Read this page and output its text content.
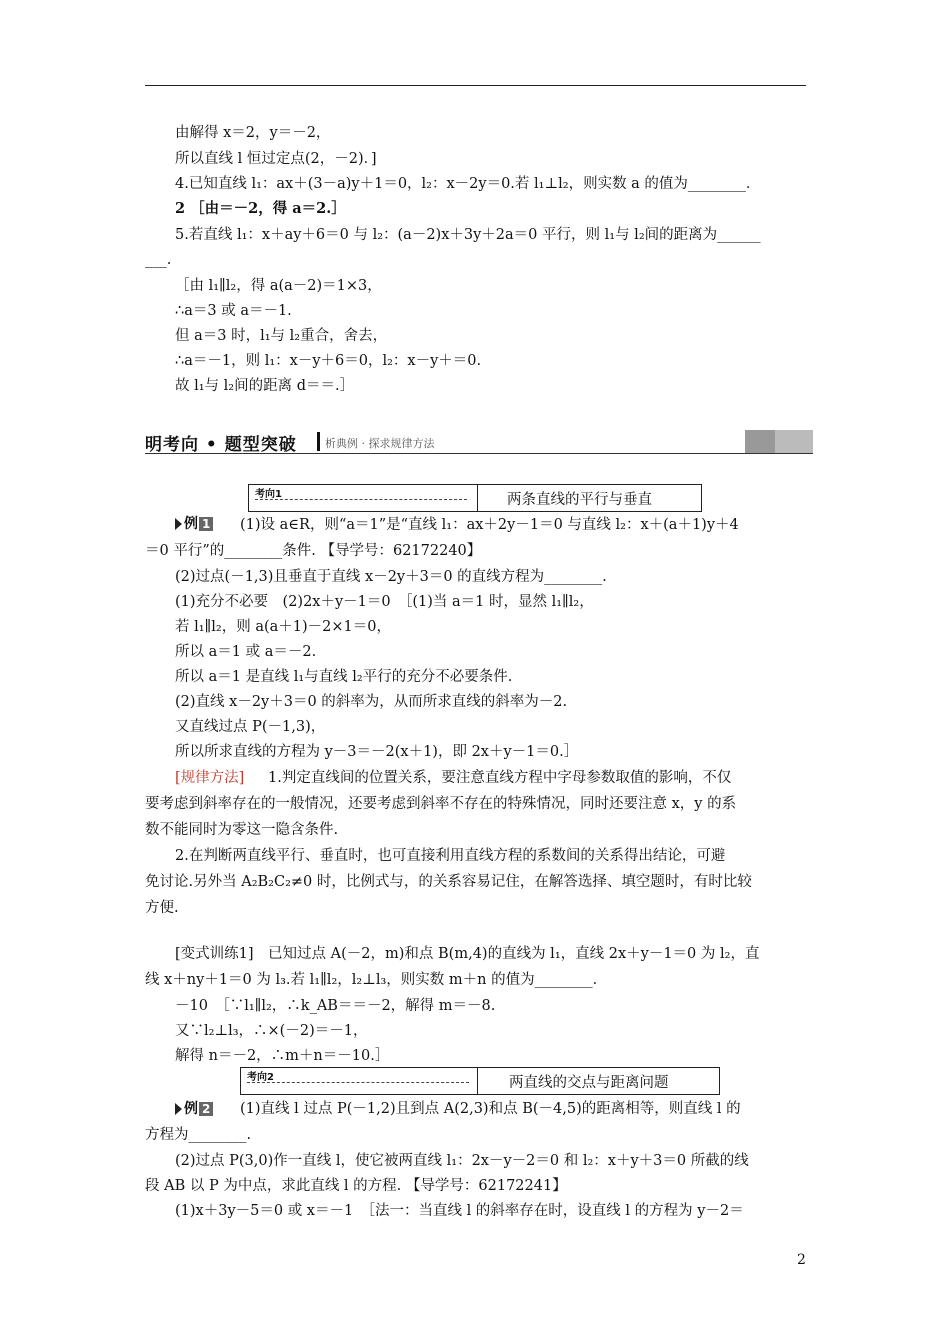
由解得 x＝2，y＝－2，
所以直线 l 恒过定点(2，－2)．]
4.已知直线 l₁：ax＋(3－a)y＋1＝0，l₂：x－2y＝0.若 l₁⊥l₂，则实数 a 的值为________．
2 ［由＝－2，得 a＝2.］
5.若直线 l₁：x＋ay＋6＝0 与 l₂：(a－2)x＋3y＋2a＝0 平行，则 l₁与 l₂间的距离为______
___.
［由 l₁∥l₂，得 a(a－2)＝1×3，
∴a＝3 或 a＝－1.
但 a＝3 时，l₁与 l₂重合，舍去，
∴a＝－1，则 l₁：x－y＋6＝0，l₂：x－y＋＝0.
故 l₁与 l₂间的距离 d＝＝.］
明考向 • 题型突破	析典例 · 探求规律方法
考向1	两条直线的平行与垂直
例 1 (1)设 a∈R，则“a＝1”是“直线 l₁：ax＋2y－1＝0 与直线 l₂：x＋(a＋1)y＋4
＝0 平行”的________条件. 【导学号：62172240】
(2)过点(－1,3)且垂直于直线 x－2y＋3＝0 的直线方程为________.
(1)充分不必要　(2)2x＋y－1＝0　［(1)当 a＝1 时，显然 l₁∥l₂，
若 l₁∥l₂，则 a(a＋1)－2×1＝0，
所以 a＝1 或 a＝－2.
所以 a＝1 是直线 l₁与直线 l₂平行的充分不必要条件.
(2)直线 x－2y＋3＝0 的斜率为，从而所求直线的斜率为－2.
又直线过点 P(－1,3)，
所以所求直线的方程为 y－3＝－2(x＋1)，即 2x＋y－1＝0.］
[规律方法] 1.判定直线间的位置关系，要注意直线方程中字母参数取值的影响，不仅
要考虑到斜率存在的一般情况，还要考虑到斜率不存在的特殊情况，同时还要注意 x，y 的系
数不能同时为零这一隐含条件.
2.在判断两直线平行、垂直时，也可直接利用直线方程的系数间的关系得出结论，可避
免讨论.另外当 A₂B₂C₂≠0 时，比例式与，的关系容易记住，在解答选择、填空题时，有时比较
方便.
[变式训练1]　已知过点 A(－2，m)和点 B(m,4)的直线为 l₁，直线 2x＋y－1＝0 为 l₂，直
线 x＋ny＋1＝0 为 l₃.若 l₁∥l₂，l₂⊥l₃，则实数 m＋n 的值为________．
－10　［∵l₁∥l₂，∴k_AB＝＝－2，解得 m＝－8.
又∵l₂⊥l₃，∴×(－2)＝－1，
解得 n＝－2，∴m＋n＝－10.］
考向2	两直线的交点与距离问题
例 2 (1)直线 l 过点 P(－1,2)且到点 A(2,3)和点 B(－4,5)的距离相等，则直线 l 的
方程为________.
(2)过点 P(3,0)作一直线 l，使它被两直线 l₁：2x－y－2＝0 和 l₂：x＋y＋3＝0 所截的线
段 AB 以 P 为中点，求此直线 l 的方程. 【导学号：62172241】
(1)x＋3y－5＝0 或 x＝－1　［法一：当直线 l 的斜率存在时，设直线 l 的方程为 y－2＝
2
